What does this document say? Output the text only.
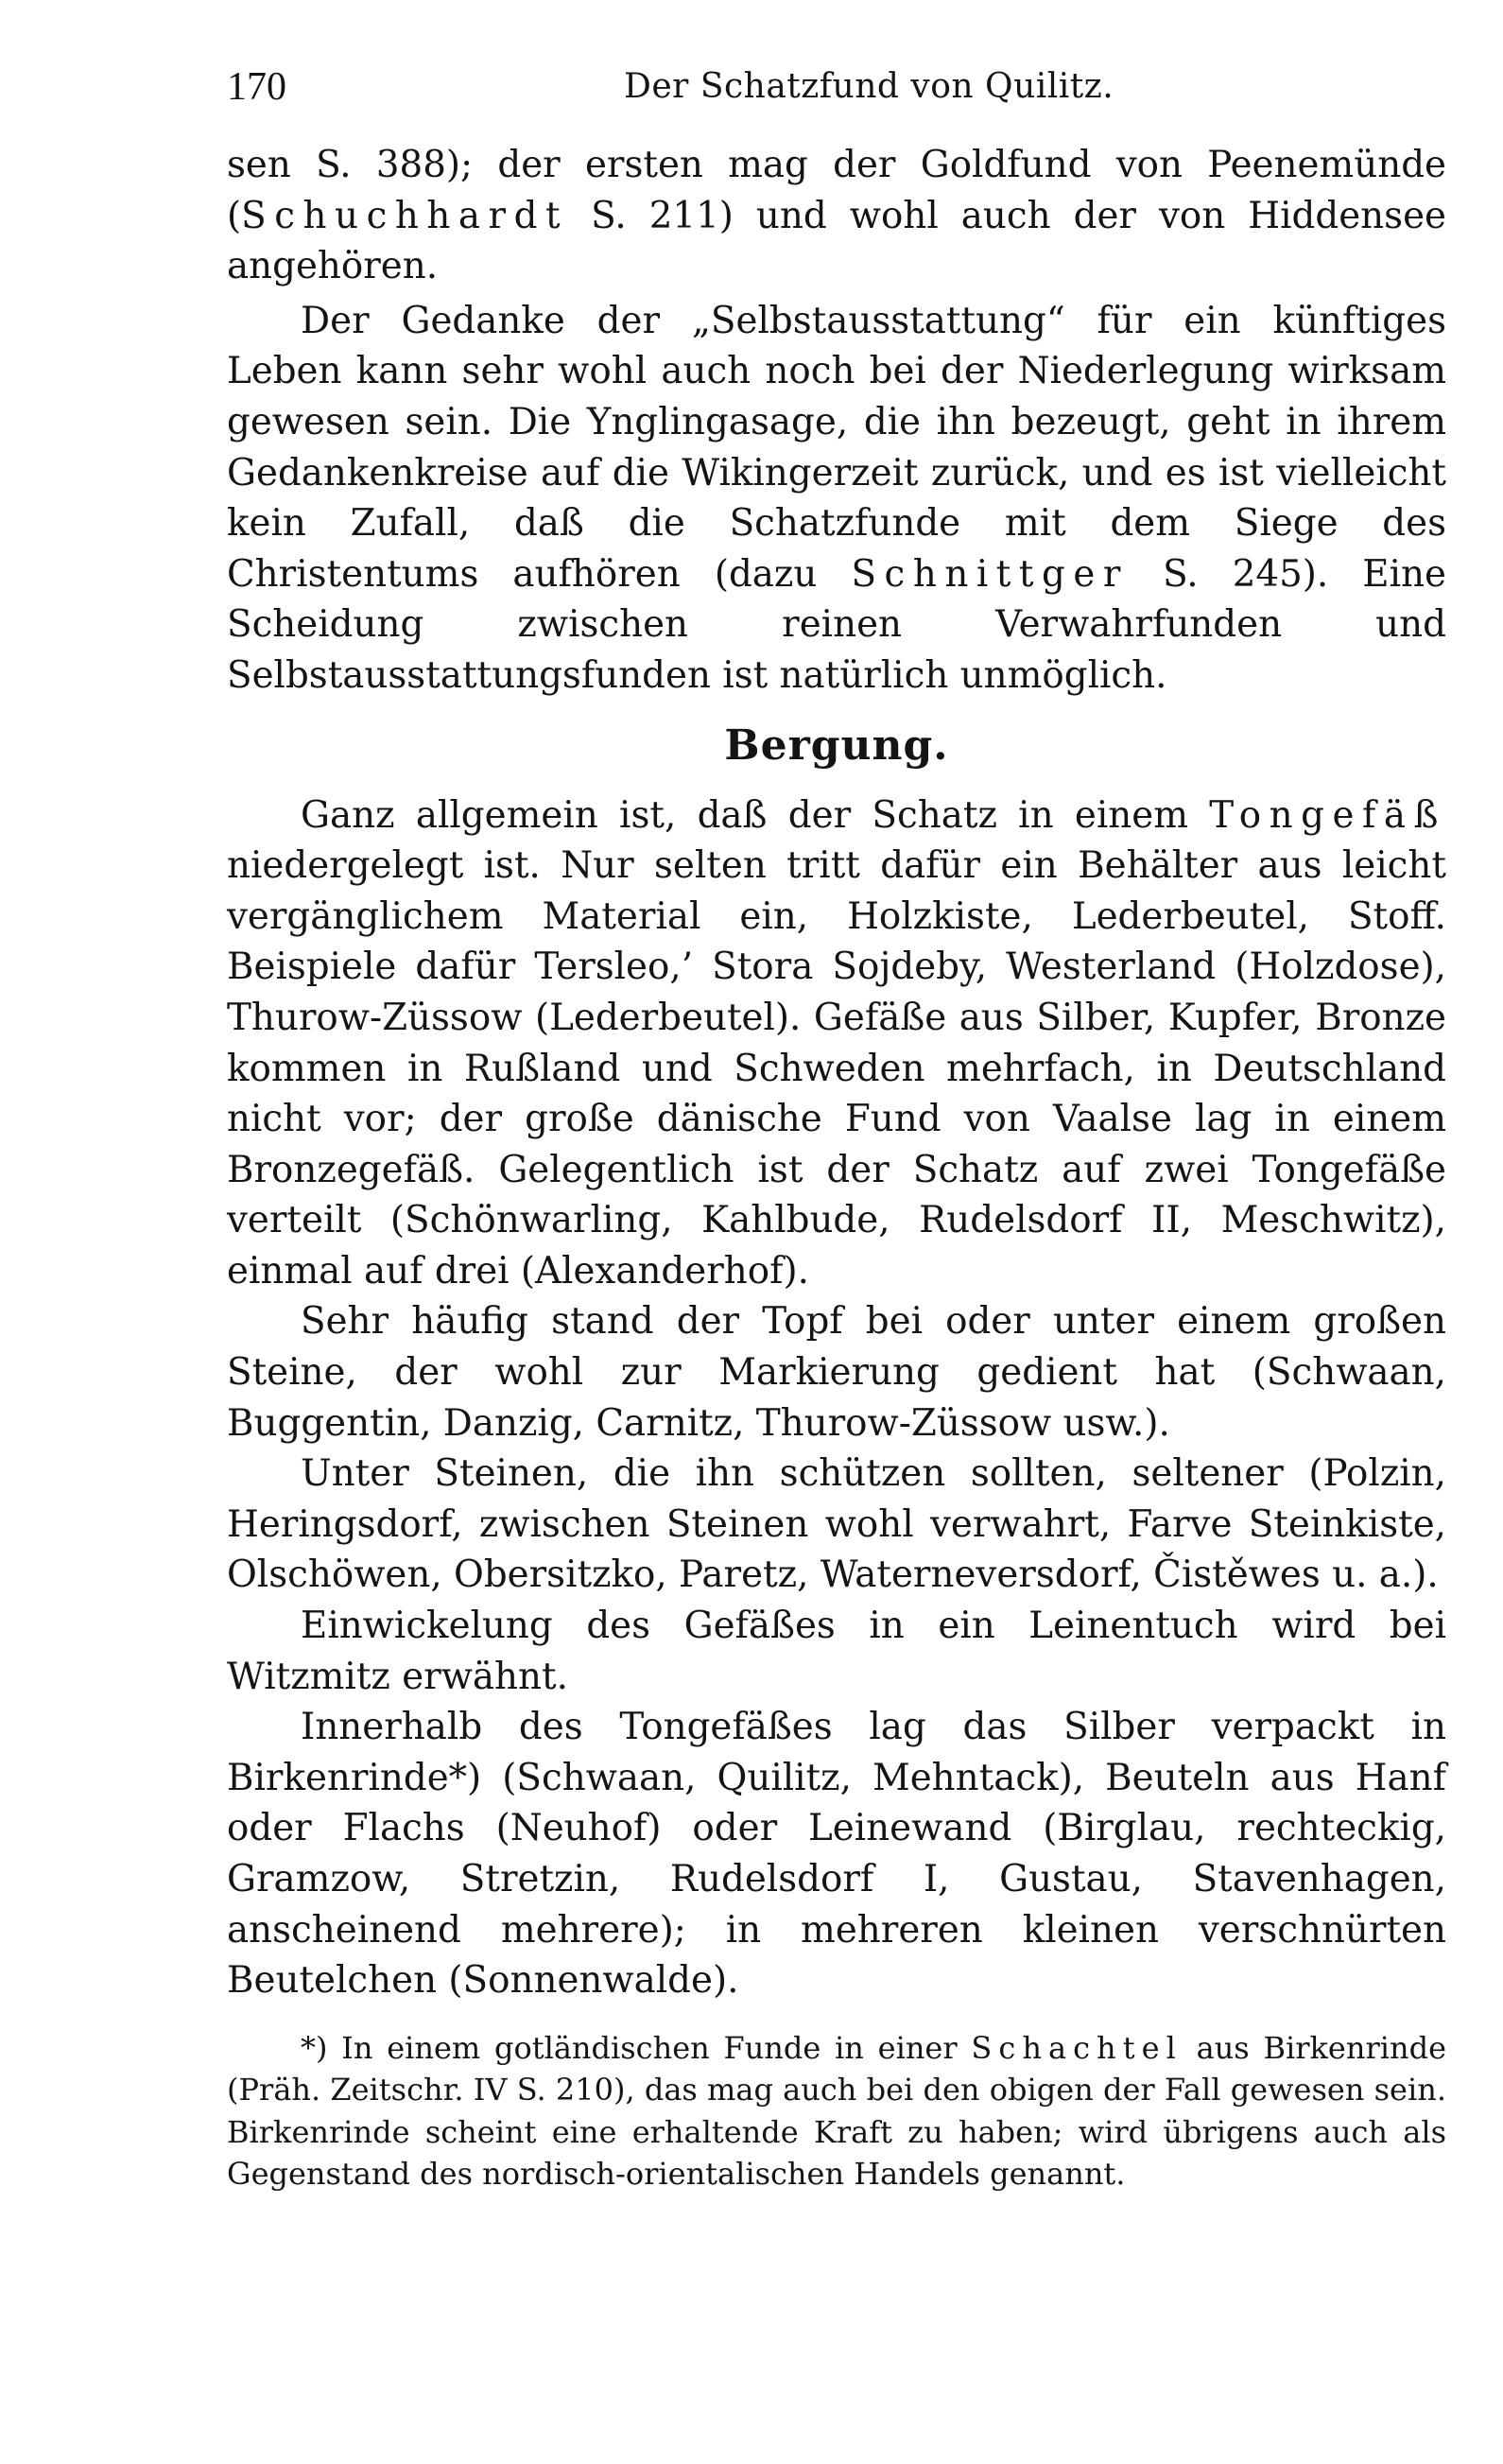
170	Der Schatzfund von Quilitz.

sen S. 388); der ersten mag der Goldfund von Peenemünde (Schuchhardt S. 211) und wohl auch der von Hiddensee angehören.

Der Gedanke der „Selbstausstattung“ für ein künftiges Leben kann sehr wohl auch noch bei der Niederlegung wirksam gewesen sein. Die Ynglingasage, die ihn bezeugt, geht in ihrem Gedankenkreise auf die Wikingerzeit zurück, und es ist vielleicht kein Zufall, daß die Schatzfunde mit dem Siege des Christentums aufhören (dazu Schnittger S. 245). Eine Scheidung zwischen reinen Verwahrfunden und Selbstausstattungsfunden ist natürlich unmöglich.

Bergung.

Ganz allgemein ist, daß der Schatz in einem Tongefäß niedergelegt ist. Nur selten tritt dafür ein Behälter aus leicht vergänglichem Material ein, Holzkiste, Lederbeutel, Stoff. Beispiele dafür Tersleo,’ Stora Sojdeby, Westerland (Holzdose), Thurow-Züssow (Lederbeutel). Gefäße aus Silber, Kupfer, Bronze kommen in Rußland und Schweden mehrfach, in Deutschland nicht vor; der große dänische Fund von Vaalse lag in einem Bronzegefäß. Gelegentlich ist der Schatz auf zwei Tongefäße verteilt (Schönwarling, Kahlbude, Rudelsdorf II, Meschwitz), einmal auf drei (Alexanderhof).

Sehr häufig stand der Topf bei oder unter einem großen Steine, der wohl zur Markierung gedient hat (Schwaan, Buggentin, Danzig, Carnitz, Thurow-Züssow usw.).

Unter Steinen, die ihn schützen sollten, seltener (Polzin, Heringsdorf, zwischen Steinen wohl verwahrt, Farve Steinkiste, Olschöwen, Obersitzko, Paretz, Waterneversdorf, Čistěwes u. a.).

Einwickelung des Gefäßes in ein Leinentuch wird bei Witzmitz erwähnt.

Innerhalb des Tongefäßes lag das Silber verpackt in Birkenrinde*) (Schwaan, Quilitz, Mehntack), Beuteln aus Hanf oder Flachs (Neuhof) oder Leinewand (Birglau, rechteckig, Gramzow, Stretzin, Rudelsdorf I, Gustau, Stavenhagen, anscheinend mehrere); in mehreren kleinen verschnürten Beutelchen (Sonnenwalde).

*) In einem gotländischen Funde in einer Schachtel aus Birkenrinde (Präh. Zeitschr. IV S. 210), das mag auch bei den obigen der Fall gewesen sein. Birkenrinde scheint eine erhaltende Kraft zu haben; wird übrigens auch als Gegenstand des nordisch-orientalischen Handels genannt.
